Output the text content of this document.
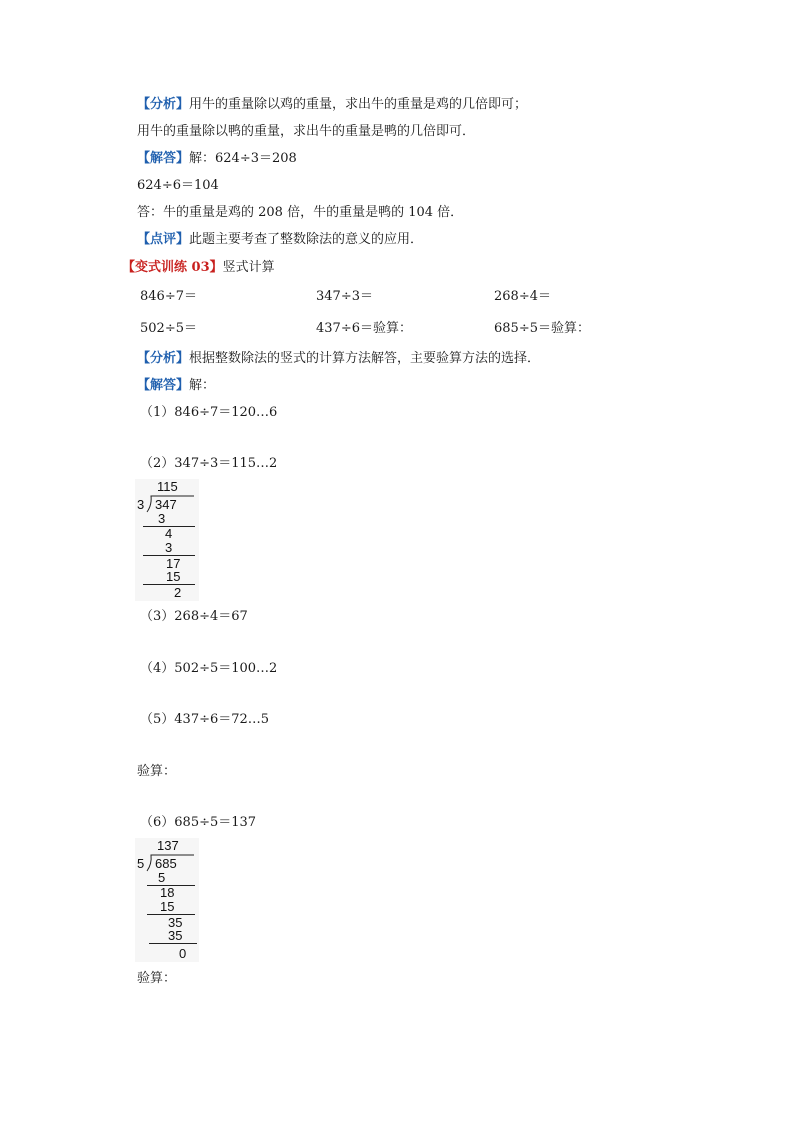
【分析】用牛的重量除以鸡的重量，求出牛的重量是鸡的几倍即可；
用牛的重量除以鸭的重量，求出牛的重量是鸭的几倍即可．
【解答】解：624÷3＝208
624÷6＝104
答：牛的重量是鸡的 208 倍，牛的重量是鸭的 104 倍．
【点评】此题主要考查了整数除法的意义的应用．
【变式训练 03】竖式计算
846÷7＝	347÷3＝	268÷4＝
502÷5＝	437÷6＝验算：	685÷5＝验算：
【分析】根据整数除法的竖式的计算方法解答，主要验算方法的选择．
【解答】解：
（1）846÷7＝120…6
（2）347÷3＝115…2
115
3 347
3
4
3
17
15
2
（3）268÷4＝67
（4）502÷5＝100…2
（5）437÷6＝72…5
验算：
（6）685÷5＝137
137
5 685
5
18
15
35
35
0
验算：
